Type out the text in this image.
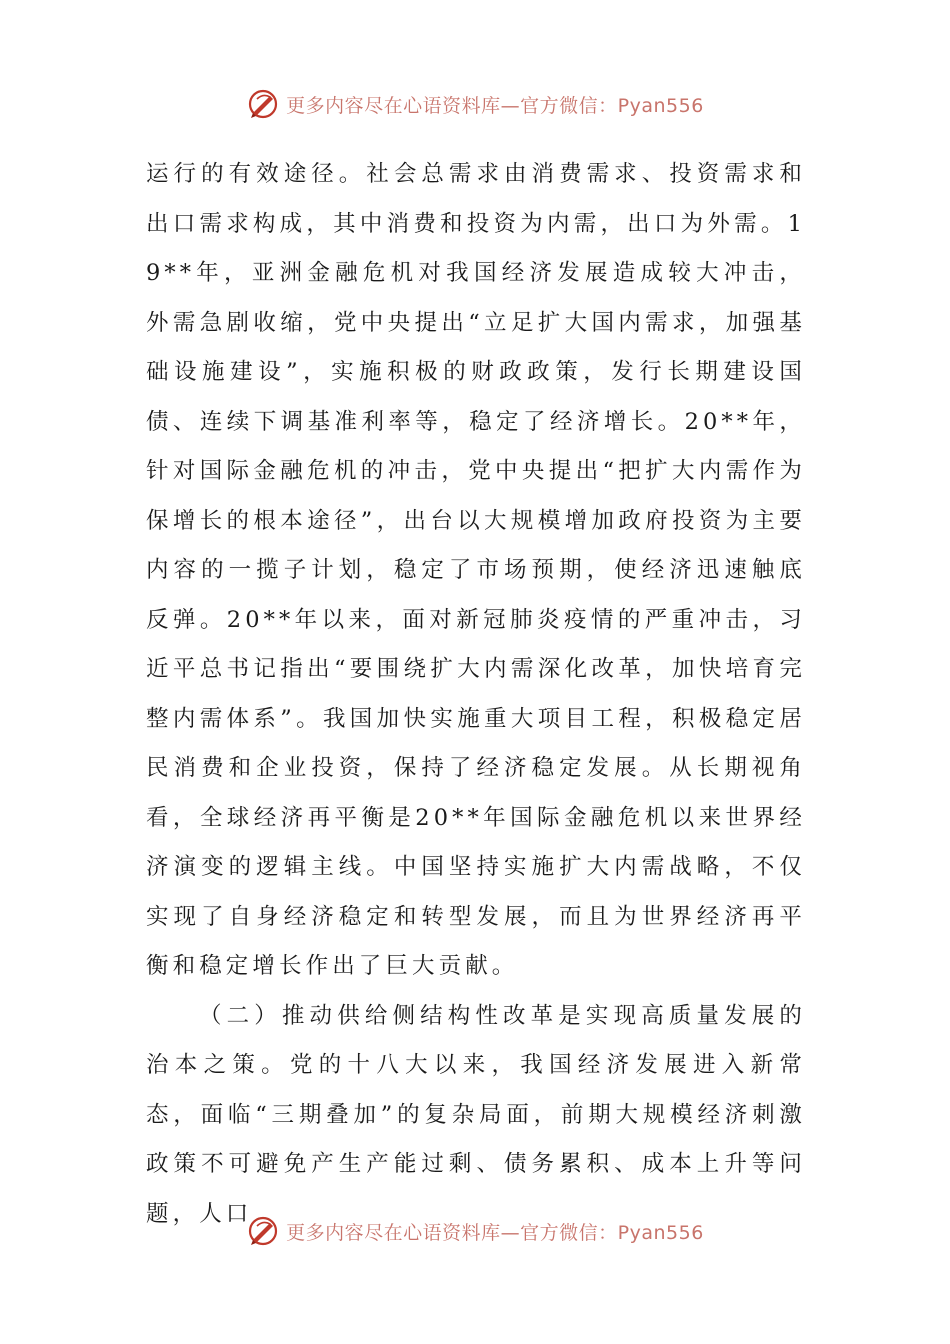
更多内容尽在心语资料库—官方微信：Pyan556

运行的有效途径。社会总需求由消费需求、投资需求和出口需求构成，其中消费和投资为内需，出口为外需。19**年，亚洲金融危机对我国经济发展造成较大冲击，外需急剧收缩，党中央提出“立足扩大国内需求，加强基础设施建设”，实施积极的财政政策，发行长期建设国债、连续下调基准利率等，稳定了经济增长。20**年，针对国际金融危机的冲击，党中央提出“把扩大内需作为保增长的根本途径”，出台以大规模增加政府投资为主要内容的一揽子计划，稳定了市场预期，使经济迅速触底反弹。20**年以来，面对新冠肺炎疫情的严重冲击，习近平总书记指出“要围绕扩大内需深化改革，加快培育完整内需体系”。我国加快实施重大项目工程，积极稳定居民消费和企业投资，保持了经济稳定发展。从长期视角看，全球经济再平衡是20**年国际金融危机以来世界经济演变的逻辑主线。中国坚持实施扩大内需战略，不仅实现了自身经济稳定和转型发展，而且为世界经济再平衡和稳定增长作出了巨大贡献。

（二）推动供给侧结构性改革是实现高质量发展的治本之策。党的十八大以来，我国经济发展进入新常态，面临“三期叠加”的复杂局面，前期大规模经济刺激政策不可避免产生产能过剩、债务累积、成本上升等问题，人口

更多内容尽在心语资料库—官方微信：Pyan556
